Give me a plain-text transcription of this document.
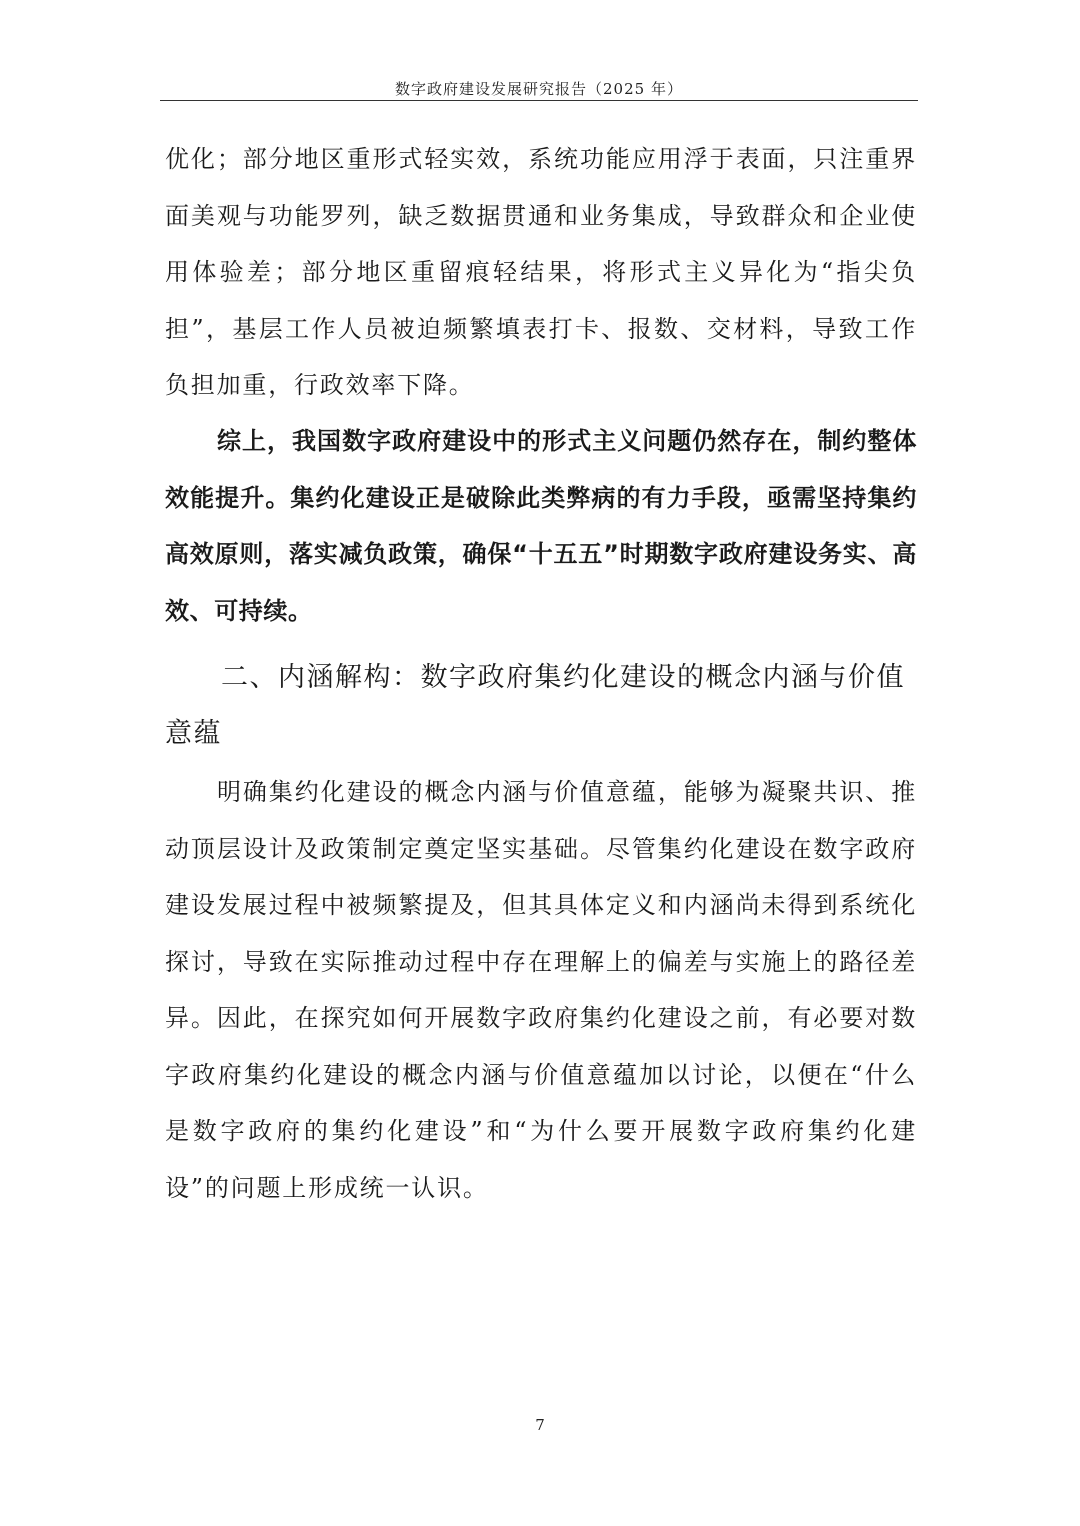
数字政府建设发展研究报告（2025 年）

优化；部分地区重形式轻实效，系统功能应用浮于表面，只注重界面美观与功能罗列，缺乏数据贯通和业务集成，导致群众和企业使用体验差；部分地区重留痕轻结果，将形式主义异化为“指尖负担”，基层工作人员被迫频繁填表打卡、报数、交材料，导致工作负担加重，行政效率下降。

综上，我国数字政府建设中的形式主义问题仍然存在，制约整体效能提升。集约化建设正是破除此类弊病的有力手段，亟需坚持集约高效原则，落实减负政策，确保“十五五”时期数字政府建设务实、高效、可持续。

二、内涵解构：数字政府集约化建设的概念内涵与价值意蕴

明确集约化建设的概念内涵与价值意蕴，能够为凝聚共识、推动顶层设计及政策制定奠定坚实基础。尽管集约化建设在数字政府建设发展过程中被频繁提及，但其具体定义和内涵尚未得到系统化探讨，导致在实际推动过程中存在理解上的偏差与实施上的路径差异。因此，在探究如何开展数字政府集约化建设之前，有必要对数字政府集约化建设的概念内涵与价值意蕴加以讨论，以便在“什么是数字政府的集约化建设”和“为什么要开展数字政府集约化建设”的问题上形成统一认识。

7
